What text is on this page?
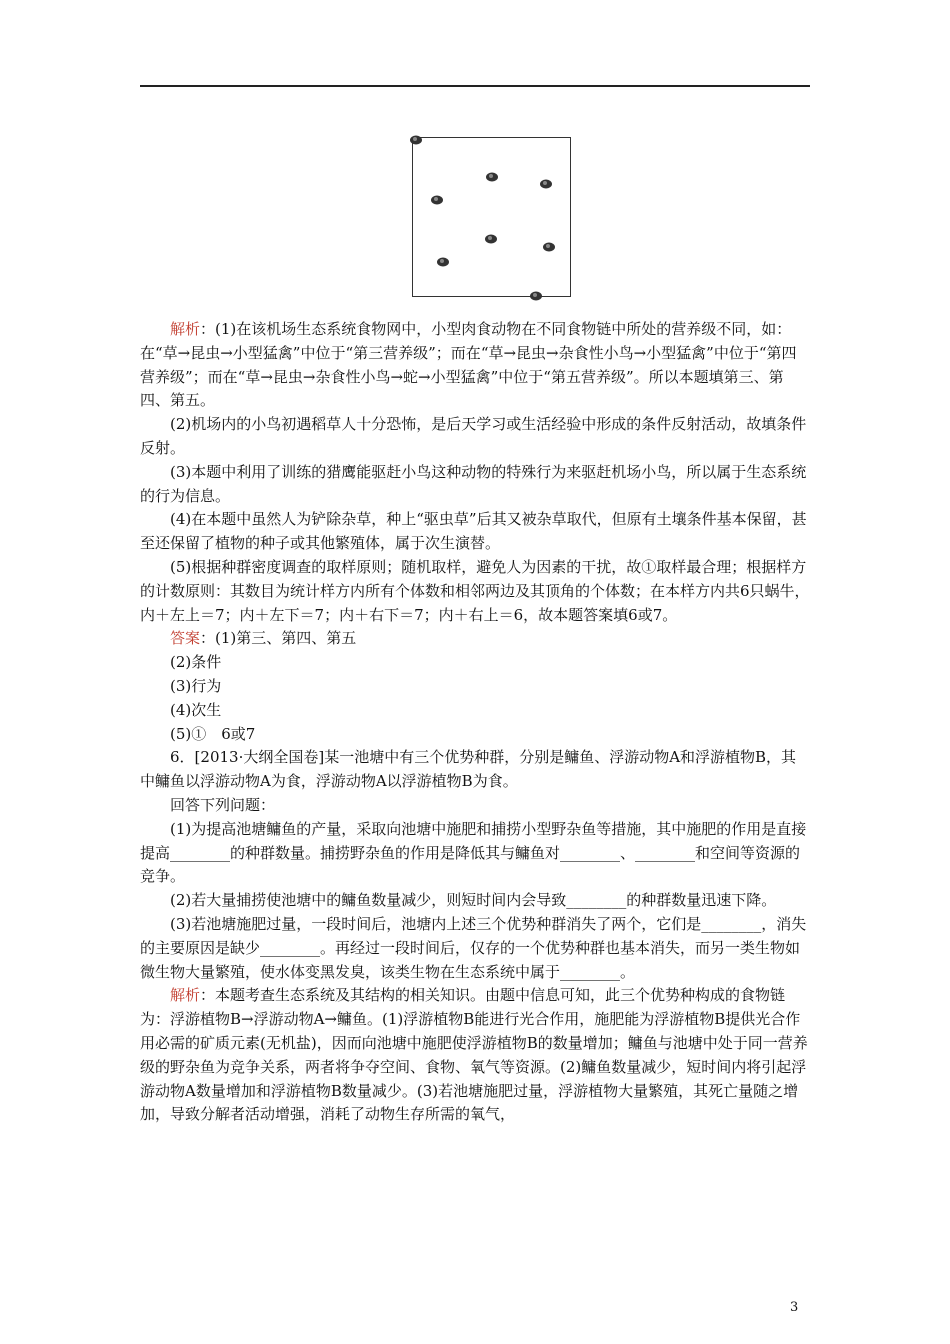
解析：(1)在该机场生态系统食物网中，小型肉食动物在不同食物链中所处的营养级不同，如：在“草→昆虫→小型猛禽”中位于“第三营养级”；而在“草→昆虫→杂食性小鸟→小型猛禽”中位于“第四营养级”；而在“草→昆虫→杂食性小鸟→蛇→小型猛禽”中位于“第五营养级”。所以本题填第三、第四、第五。

(2)机场内的小鸟初遇稻草人十分恐怖，是后天学习或生活经验中形成的条件反射活动，故填条件反射。

(3)本题中利用了训练的猎鹰能驱赶小鸟这种动物的特殊行为来驱赶机场小鸟，所以属于生态系统的行为信息。

(4)在本题中虽然人为铲除杂草，种上“驱虫草”后其又被杂草取代，但原有土壤条件基本保留，甚至还保留了植物的种子或其他繁殖体，属于次生演替。

(5)根据种群密度调查的取样原则；随机取样，避免人为因素的干扰，故①取样最合理；根据样方的计数原则：其数目为统计样方内所有个体数和相邻两边及其顶角的个体数；在本样方内共6只蜗牛，内＋左上＝7；内＋左下＝7；内＋右下＝7；内＋右上＝6，故本题答案填6或7。

答案：(1)第三、第四、第五

(2)条件

(3)行为

(4)次生

(5)①　6或7

6．[2013·大纲全国卷]某一池塘中有三个优势种群，分别是鳙鱼、浮游动物A和浮游植物B，其中鳙鱼以浮游动物A为食，浮游动物A以浮游植物B为食。

回答下列问题：

(1)为提高池塘鳙鱼的产量，采取向池塘中施肥和捕捞小型野杂鱼等措施，其中施肥的作用是直接提高________的种群数量。捕捞野杂鱼的作用是降低其与鳙鱼对________、________和空间等资源的竞争。

(2)若大量捕捞使池塘中的鳙鱼数量减少，则短时间内会导致________的种群数量迅速下降。

(3)若池塘施肥过量，一段时间后，池塘内上述三个优势种群消失了两个，它们是________，消失的主要原因是缺少________。再经过一段时间后，仅存的一个优势种群也基本消失，而另一类生物如微生物大量繁殖，使水体变黑发臭，该类生物在生态系统中属于________。

解析：本题考查生态系统及其结构的相关知识。由题中信息可知，此三个优势种构成的食物链为：浮游植物B→浮游动物A→鳙鱼。(1)浮游植物B能进行光合作用，施肥能为浮游植物B提供光合作用必需的矿质元素(无机盐)，因而向池塘中施肥使浮游植物B的数量增加；鳙鱼与池塘中处于同一营养级的野杂鱼为竞争关系，两者将争夺空间、食物、氧气等资源。(2)鳙鱼数量减少，短时间内将引起浮游动物A数量增加和浮游植物B数量减少。(3)若池塘施肥过量，浮游植物大量繁殖，其死亡量随之增加，导致分解者活动增强，消耗了动物生存所需的氧气，

3
